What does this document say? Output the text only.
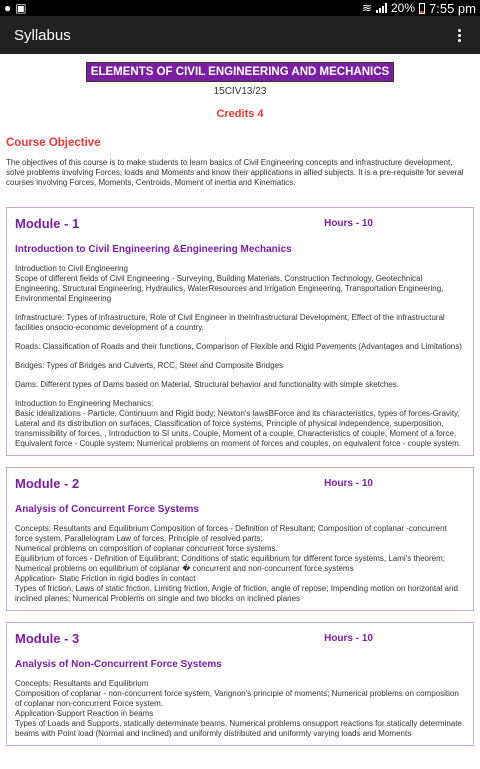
● ▣	≋ 20% 7:55 pm
Syllabus
ELEMENTS OF CIVIL ENGINEERING AND MECHANICS
15CIV13/23
Credits 4
Course Objective
The objectives of this course is to make students to learn basics of Civil Engineering concepts and infrastructure development, solve problems involving Forces, loads and Moments and know their applications in allied subjects. It is a pre-requisite for several courses involving Forces, Moments, Centroids, Moment of inertia and Kinematics.
Module - 1	Hours - 10
Introduction to Civil Engineering &Engineering Mechanics

Introduction to Civil Engineering
Scope of different fields of Civil Engineering - Surveying, Building Materials, Construction Technology, Geotechnical Engineering, Structural Engineering, Hydraulics, WaterResources and Irrigation Engineering, Transportation Engineering, Environmental Engineering

Infrastructure: Types of infrastructure, Role of Civil Engineer in theInfrastructural Development, Effect of the infrastructural facilities onsocio-economic development of a country.

Roads: Classification of Roads and their functions, Comparison of Flexible and Rigid Pavements (Advantages and Limitations)

Bridges: Types of Bridges and Culverts, RCC, Steel and Composite Bridges

Dams: Different types of Dams based on Material, Structural behavior and functionality with simple sketches.

Introduction to Engineering Mechanics:
Basic idealizations - Particle, Continuum and Rigid body; Newton's lawsBForce and its characteristics, types of forces-Gravity, Lateral and its distribution on surfaces, Classification of force systems, Principle of physical independence, superposition, transmissibility of forces, , Introduction to SI units. Couple, Moment of a couple, Characteristics of couple, Moment of a force, Equivalent force - Couple system; Numerical problems on moment of forces and couples, on equivalent force - couple system.

Module - 2	Hours - 10
Analysis of Concurrent Force Systems

Concepts: Resultants and Equilibrium Composition of forces - Definition of Resultant; Composition of coplanar -concurrent force system, Parallelogram Law of forces, Principle of resolved parts;
Numerical problems on composition of coplanar concurrent force systems.
Equilibrium of forces - Definition of Equilibrant; Conditions of static equilibrium for different force systems, Lami's theorem; Numerical problems on equilibrium of coplanar � concurrent and non-concurrent force systems
Application- Static Friction in rigid bodies in contact
Types of friction, Laws of static friction, Limiting friction, Angle of friction, angle of repose; Impending motion on horizontal and inclined planes; Numerical Problems on single and two blocks on inclined planes

Module - 3	Hours - 10
Analysis of Non-Concurrent Force Systems

Concepts: Resultants and Equilibrium
Composition of coplanar - non-concurrent force system, Varignon's principle of moments; Numerical problems on composition of coplanar non-concurrent Force system.
Application-Support Reaction in beams
Types of Loads and Supports, statically determinate beams, Numerical problems onsupport reactions for statically determinate beams with Point load (Normal and inclined) and uniformly distributed and uniformly varying loads and Moments
